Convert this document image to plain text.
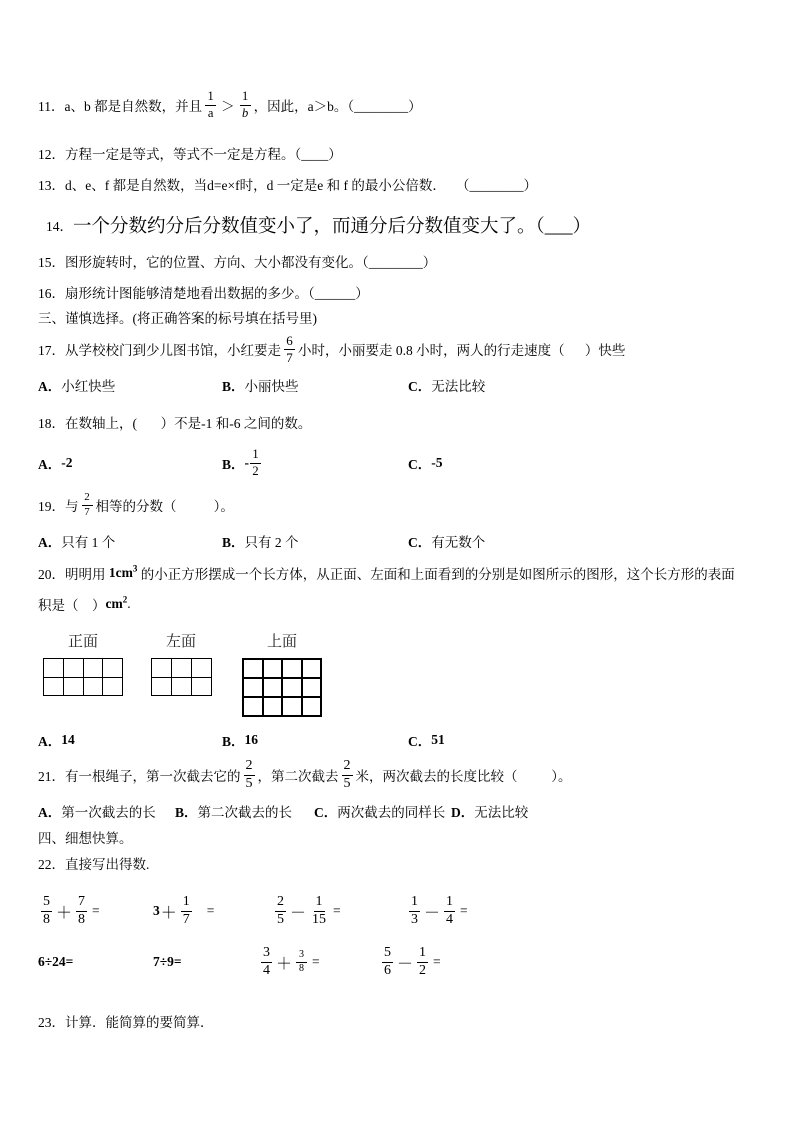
11． a、b 都是自然数，并且 $\frac{1}{a} > \frac{1}{b}$ ，因此，a＞b。（________）
12． 方程一定是等式，等式不一定是方程。（____）
13． d、e、f 都是自然数，当d=e×f时，d 一定是e 和 f 的最小公倍数．   （________）
14． 一个分数约分后分数值变小了，而通分后分数值变大了。（___）
15． 图形旋转时，它的位置、方向、大小都没有变化。（________）
16． 扇形统计图能够清楚地看出数据的多少。（______）
三、谨慎选择。(将正确答案的标号填在括号里)
17． 从学校校门到少儿图书馆，小红要走 $\frac{6}{7}$ 小时，小丽要走 0.8 小时，两人的行走速度（      ）快些
A． 小红快些	B． 小丽快些	C． 无法比较
18． 在数轴上，(       ）不是-1 和-6 之间的数。
A． -2	B． - $\frac{1}{2}$	C． -5
19． 与 $\frac{2}{7}$ 相等的分数（           ）。
A． 只有 1 个	B． 只有 2 个	C． 有无数个
20． 明明用 $1cm^3$ 的小正方形摆成一个长方体，从正面、左面和上面看到的分别是如图所示的图形，这个长方形的表面
积是（    ） $cm^2$ .
正面	左面	上面
A． 14	B． 16	C． 51
21． 有一根绳子，第一次截去它的 $\frac{2}{5}$ ，第二次截去 $\frac{2}{5}$ 米，两次截去的长度比较（          ）。
A． 第一次截去的长 B． 第二次截去的长 C． 两次截去的同样长 D． 无法比较
四、细想快算。
22． 直接写出得数.
$\frac{5}{8} + \frac{7}{8}$ =	$3 + \frac{1}{7}$ =	$\frac{2}{5} - \frac{1}{15}$ =	$\frac{1}{3} - \frac{1}{4}$ =
6÷24=	7÷9=	$\frac{3}{4} + \frac{3}{8}$ =	$\frac{5}{6} - \frac{1}{2}$ =
23． 计算．能简算的要简算．
